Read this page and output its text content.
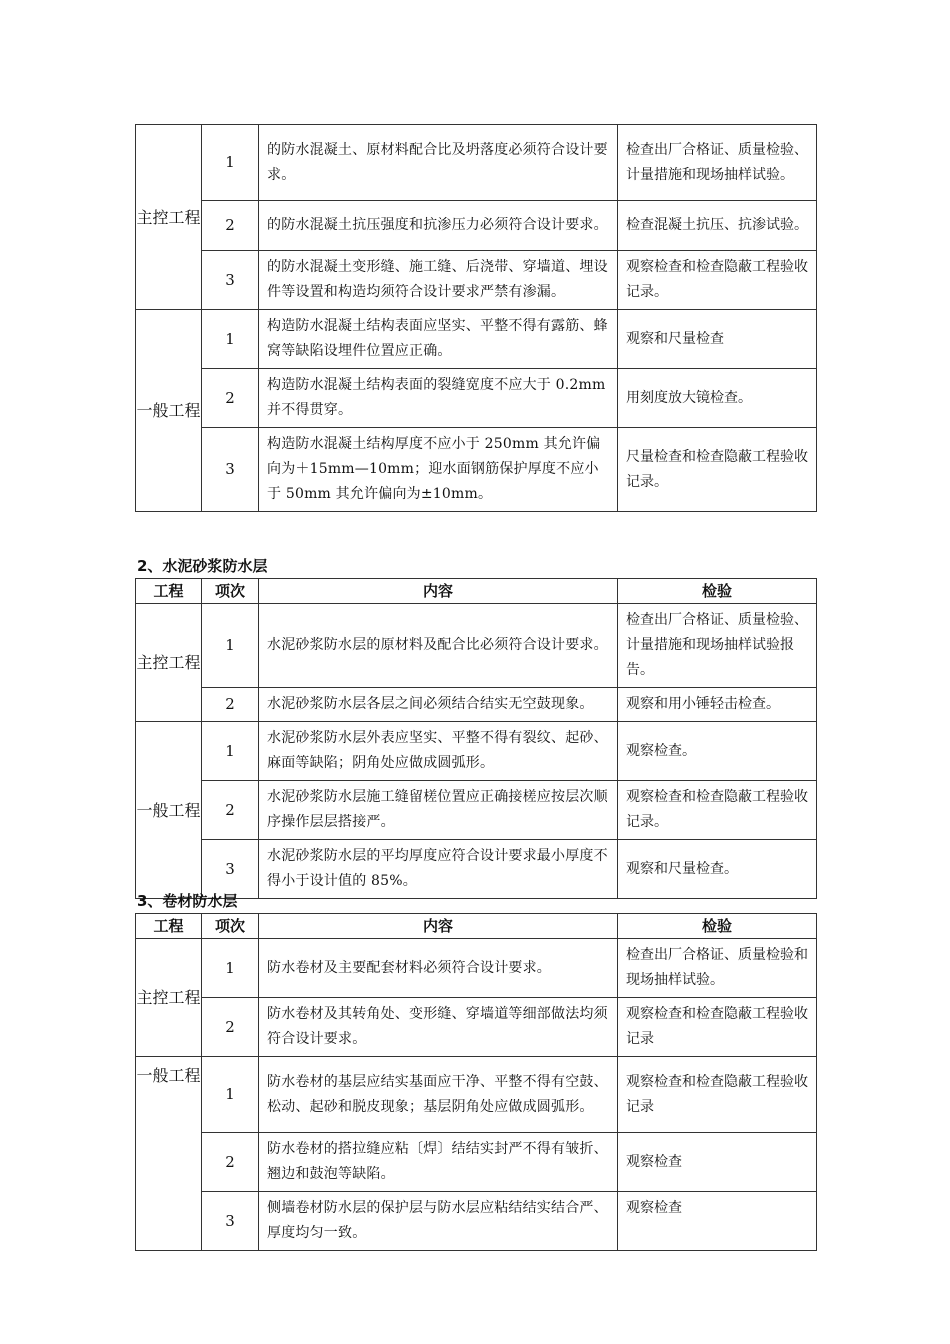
主控工程	1	的防水混凝土、原材料配合比及坍落度必须符合设计要求。	检查出厂合格证、质量检验、计量措施和现场抽样试验。
	2	的防水混凝土抗压强度和抗渗压力必须符合设计要求。	检查混凝土抗压、抗渗试验。
	3	的防水混凝土变形缝、施工缝、后浇带、穿墙道、埋设件等设置和构造均须符合设计要求严禁有渗漏。	观察检查和检查隐蔽工程验收记录。
一般工程	1	构造防水混凝土结构表面应坚实、平整不得有露筋、蜂窝等缺陷设埋件位置应正确。	观察和尺量检查
	2	构造防水混凝土结构表面的裂缝宽度不应大于 0.2mm 并不得贯穿。	用刻度放大镜检查。
	3	构造防水混凝土结构厚度不应小于 250mm 其允许偏向为＋15mm—10mm；迎水面钢筋保护厚度不应小于 50mm 其允许偏向为±10mm。	尺量检查和检查隐蔽工程验收记录。
2、水泥砂浆防水层
工程	项次	内容	检验
主控工程	1	水泥砂浆防水层的原材料及配合比必须符合设计要求。	检查出厂合格证、质量检验、计量措施和现场抽样试验报告。
	2	水泥砂浆防水层各层之间必须结合结实无空鼓现象。	观察和用小锤轻击检查。
一般工程	1	水泥砂浆防水层外表应坚实、平整不得有裂纹、起砂、麻面等缺陷；阴角处应做成圆弧形。	观察检查。
	2	水泥砂浆防水层施工缝留槎位置应正确接槎应按层次顺序操作层层搭接严。	观察检查和检查隐蔽工程验收记录。
	3	水泥砂浆防水层的平均厚度应符合设计要求最小厚度不得小于设计值的 85%。	观察和尺量检查。
3、卷材防水层
工程	项次	内容	检验
主控工程	1	防水卷材及主要配套材料必须符合设计要求。	检查出厂合格证、质量检验和现场抽样试验。
	2	防水卷材及其转角处、变形缝、穿墙道等细部做法均须符合设计要求。	观察检查和检查隐蔽工程验收记录
一般工程	1	防水卷材的基层应结实基面应干净、平整不得有空鼓、松动、起砂和脱皮现象；基层阴角处应做成圆弧形。	观察检查和检查隐蔽工程验收记录
	2	防水卷材的搭拉缝应粘〔焊〕结结实封严不得有皱折、翘边和鼓泡等缺陷。	观察检查
	3	侧墙卷材防水层的保护层与防水层应粘结结实结合严、厚度均匀一致。	观察检查
